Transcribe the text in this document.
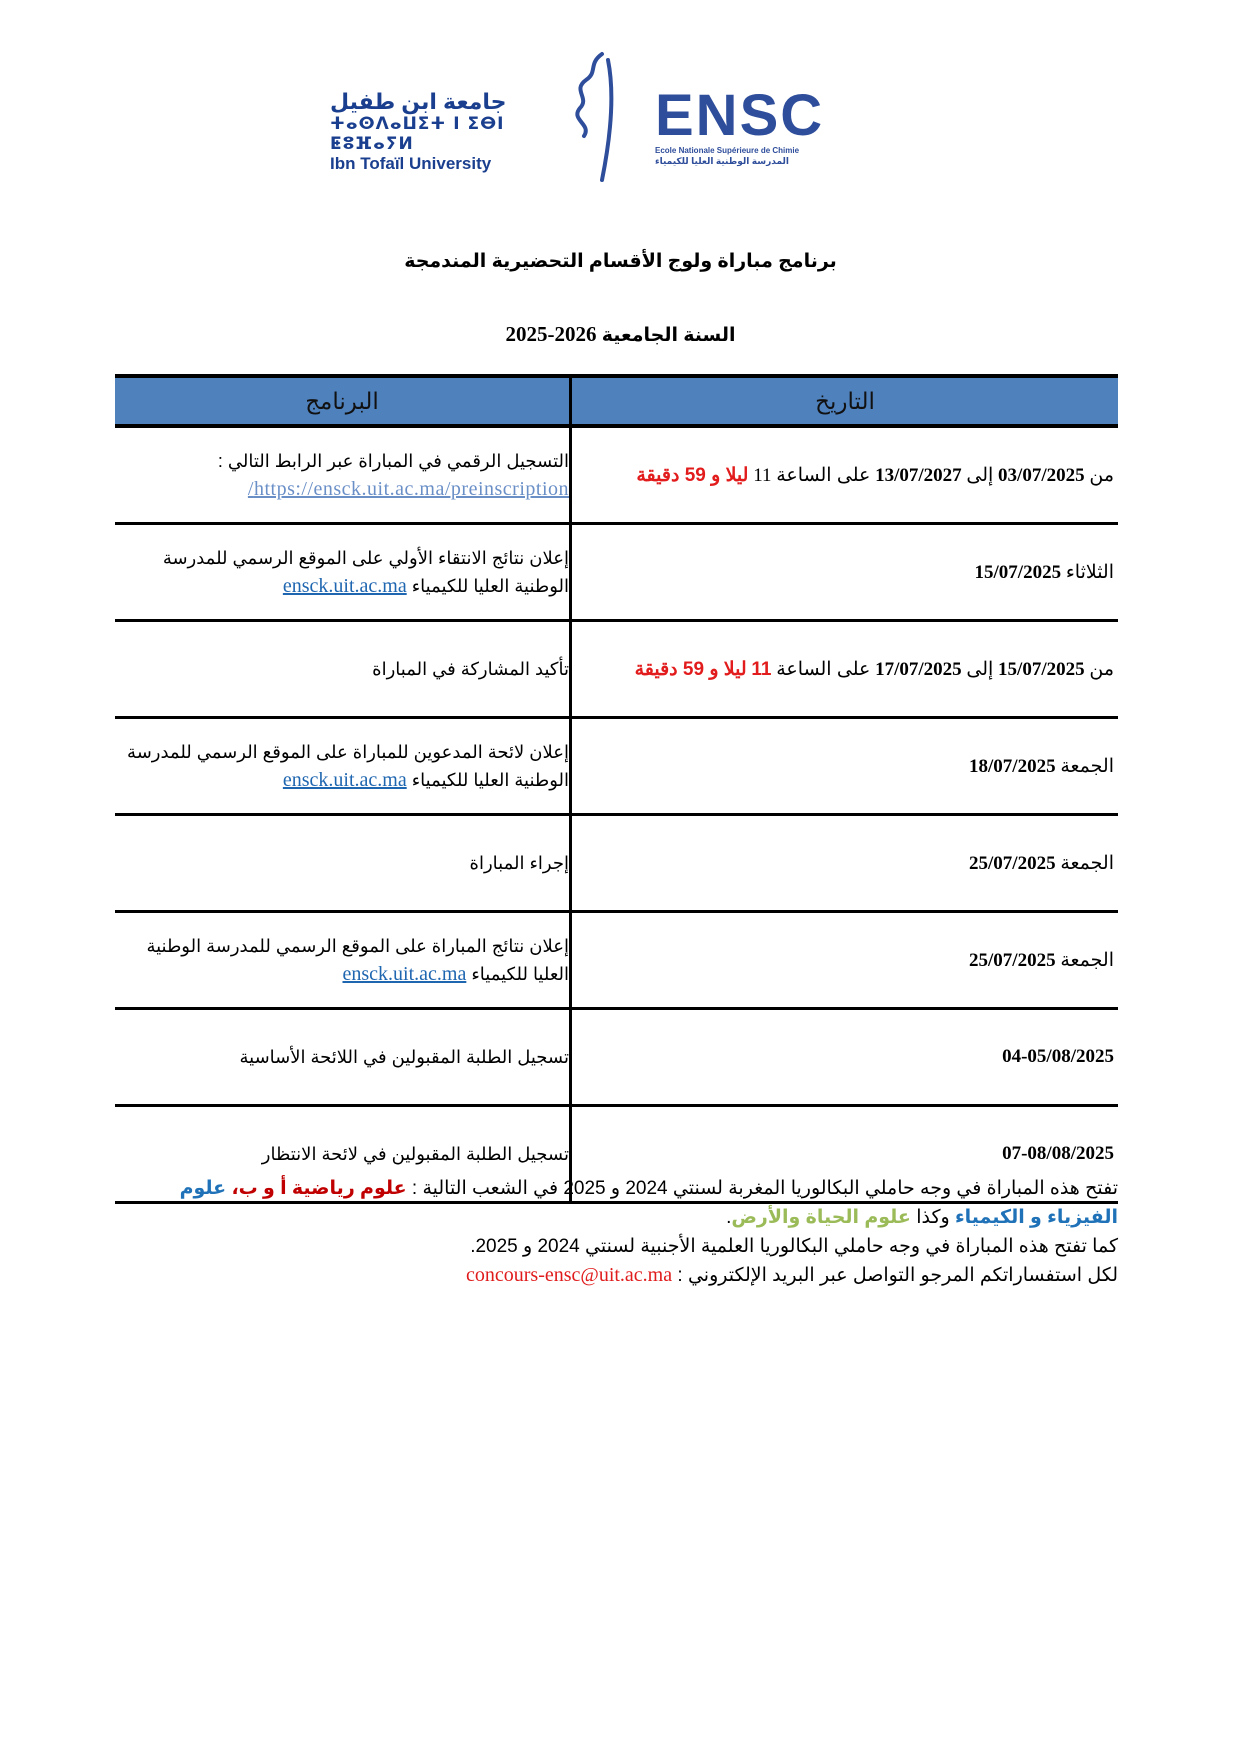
جامعة ابن طفيل
ⵜⴰⵙⴷⴰⵡⵉⵜ ⵏ ⵉⴱⵏ ⵟⵓⴼⴰⵢⵍ
Ibn Tofaïl University
ENSC
Ecole Nationale Supérieure de Chimie
المدرسة الوطنية العليا للكيمياء
برنامج مباراة ولوج الأقسام التحضيرية المندمجة
السنة الجامعية 2026-2025
التاريخ	البرنامج
من 03/07/2025 إلى 13/07/2027 على الساعة 11 ليلا و 59 دقيقة	التسجيل الرقمي في المباراة عبر الرابط التالي :
https://ensck.uit.ac.ma/preinscription/

الثلاثاء 15/07/2025	إعلان نتائج الانتقاء الأولي على الموقع الرسمي للمدرسة الوطنية العليا للكيمياء ensck.uit.ac.ma
من 15/07/2025 إلى 17/07/2025 على الساعة 11 ليلا و 59 دقيقة	تأكيد المشاركة في المباراة
الجمعة 18/07/2025	إعلان لائحة المدعوين للمباراة على الموقع الرسمي للمدرسة الوطنية العليا للكيمياء ensck.uit.ac.ma
الجمعة 25/07/2025	إجراء المباراة
الجمعة 25/07/2025	إعلان نتائج المباراة على الموقع الرسمي للمدرسة الوطنية العليا للكيمياء ensck.uit.ac.ma
04-05/08/2025	تسجيل الطلبة المقبولين في اللائحة الأساسية
07-08/08/2025	تسجيل الطلبة المقبولين في لائحة الانتظار

تفتح هذه المباراة في وجه حاملي البكالوريا المغربة لسنتي 2024 و 2025 في الشعب التالية : علوم رياضية أ و ب، علوم الفيزياء و الكيمياء وكذا علوم الحياة والأرض.

كما تفتح هذه المباراة في وجه حاملي البكالوريا العلمية الأجنبية لسنتي 2024 و 2025.

لكل استفساراتكم المرجو التواصل عبر البريد الإلكتروني : concours-ensc@uit.ac.ma
